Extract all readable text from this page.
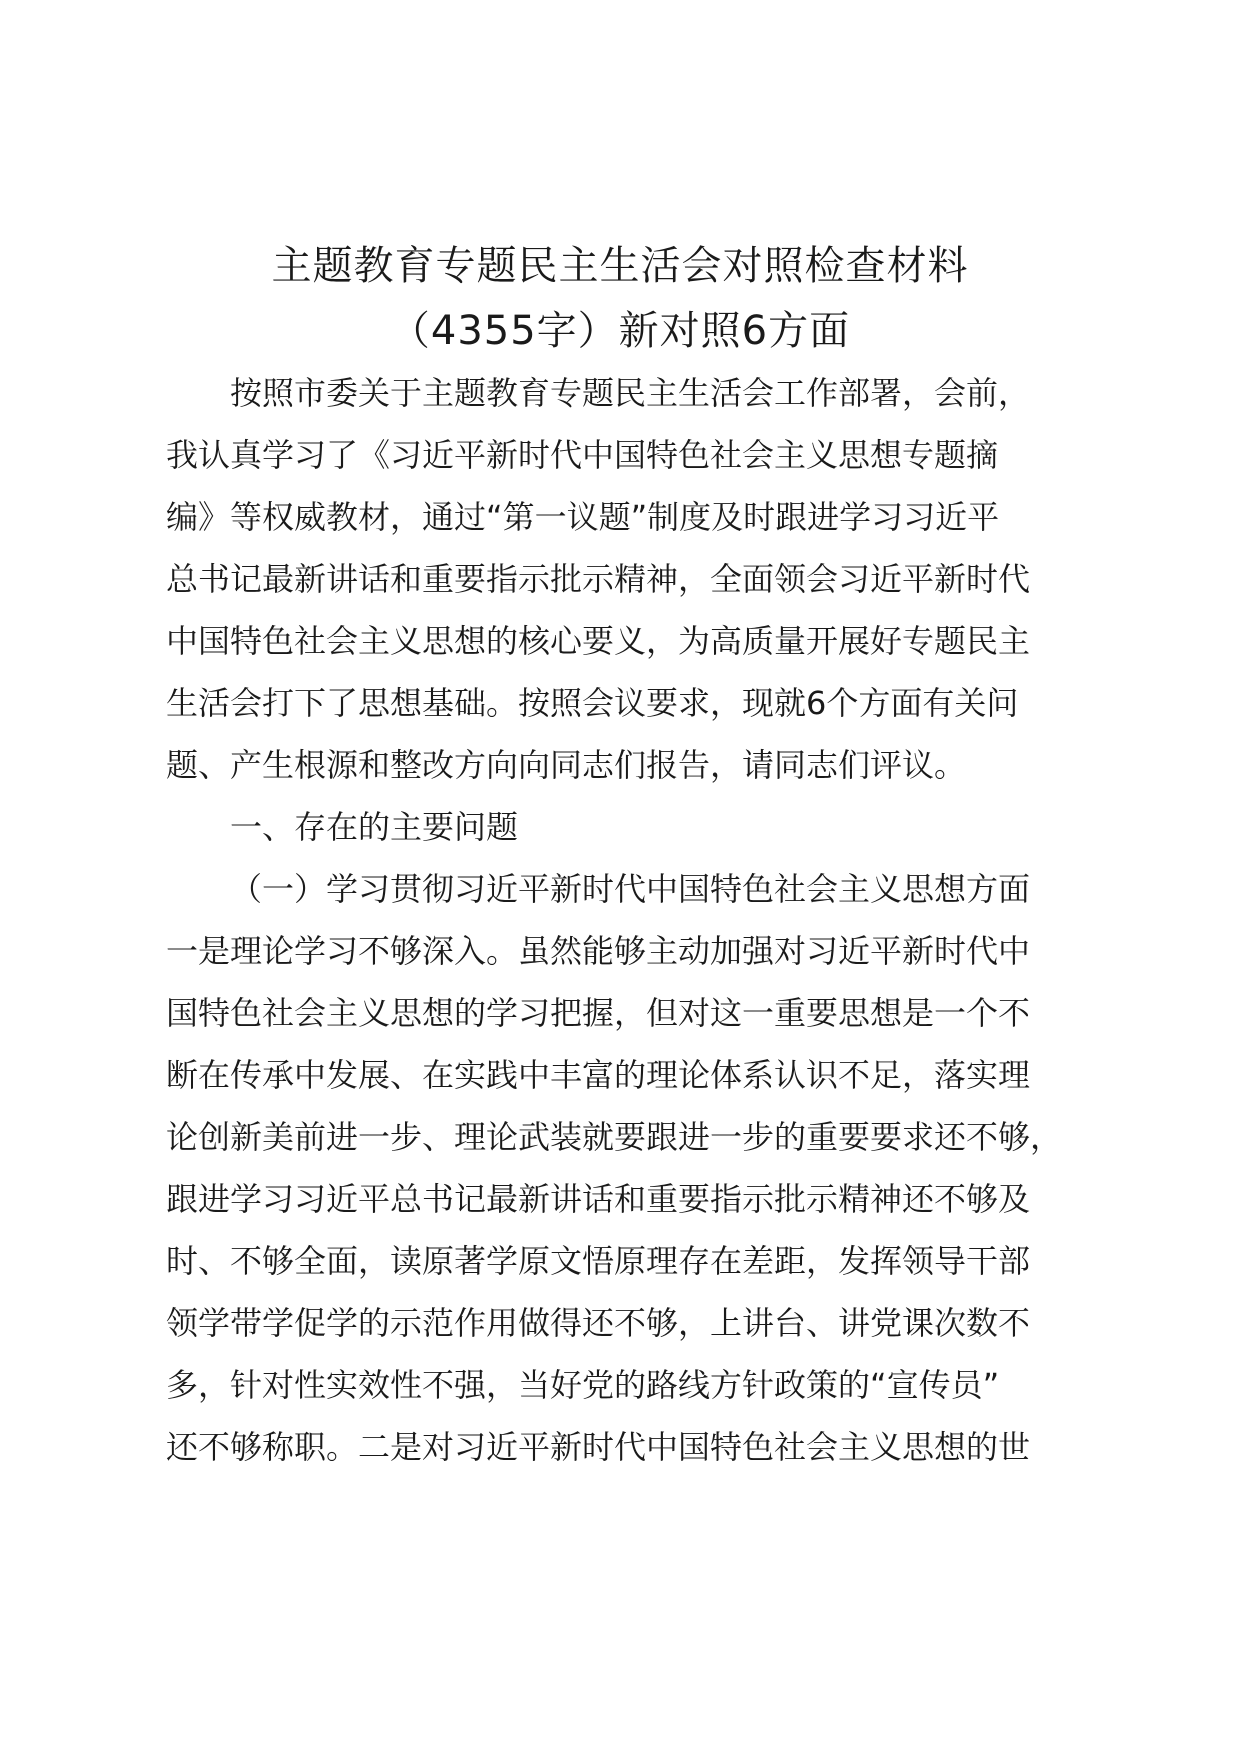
主题教育专题民主生活会对照检查材料
（4355字）新对照6方面
按照市委关于主题教育专题民主生活会工作部署，会前，
我认真学习了《习近平新时代中国特色社会主义思想专题摘
编》等权威教材，通过“第一议题”制度及时跟进学习习近平
总书记最新讲话和重要指示批示精神，全面领会习近平新时代
中国特色社会主义思想的核心要义，为高质量开展好专题民主
生活会打下了思想基础。按照会议要求，现就6个方面有关问
题、产生根源和整改方向向同志们报告，请同志们评议。
一、存在的主要问题
（一）学习贯彻习近平新时代中国特色社会主义思想方面
一是理论学习不够深入。虽然能够主动加强对习近平新时代中
国特色社会主义思想的学习把握，但对这一重要思想是一个不
断在传承中发展、在实践中丰富的理论体系认识不足，落实理
论创新美前进一步、理论武装就要跟进一步的重要要求还不够，
跟进学习习近平总书记最新讲话和重要指示批示精神还不够及
时、不够全面，读原著学原文悟原理存在差距，发挥领导干部
领学带学促学的示范作用做得还不够，上讲台、讲党课次数不
多，针对性实效性不强，当好党的路线方针政策的“宣传员”
还不够称职。二是对习近平新时代中国特色社会主义思想的世
